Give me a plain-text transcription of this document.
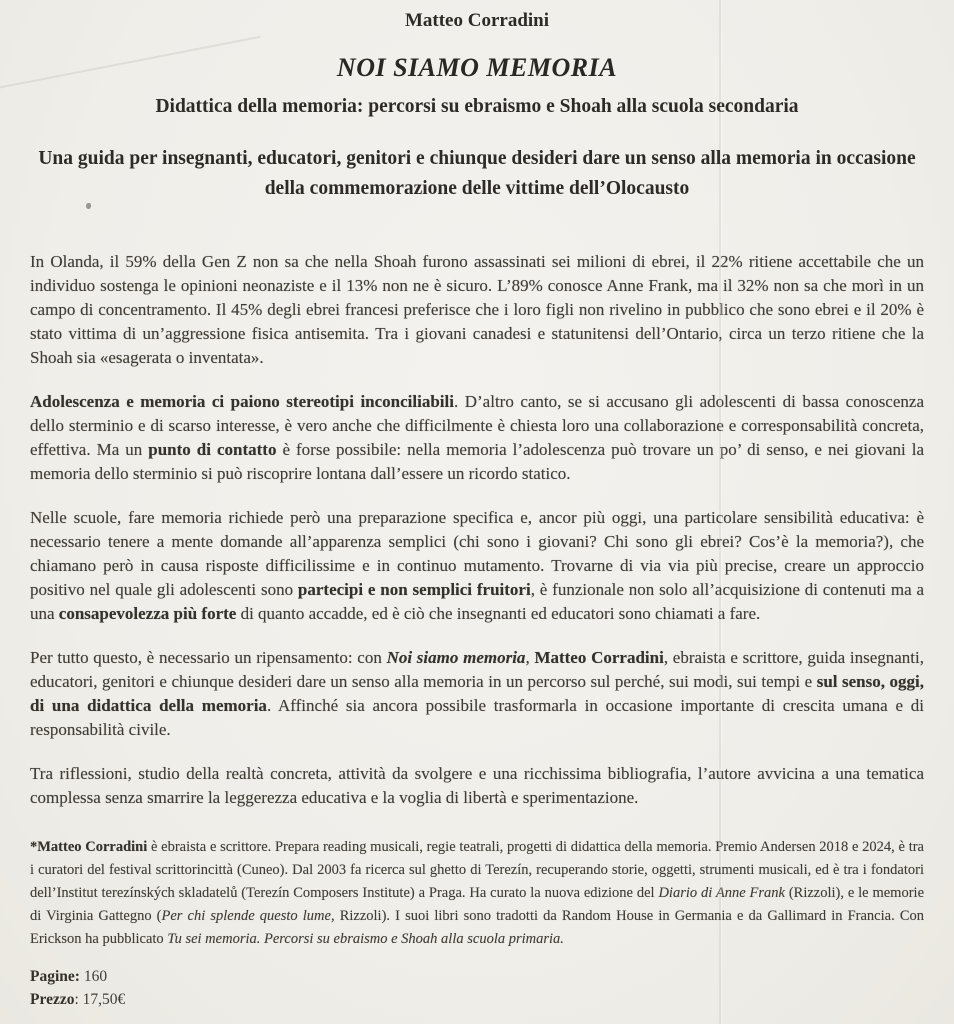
Matteo Corradini
NOI SIAMO MEMORIA
Didattica della memoria: percorsi su ebraismo e Shoah alla scuola secondaria

Una guida per insegnanti, educatori, genitori e chiunque desideri dare un senso alla memoria in occasione della commemorazione delle vittime dell’Olocausto

In Olanda, il 59% della Gen Z non sa che nella Shoah furono assassinati sei milioni di ebrei, il 22% ritiene accettabile che un individuo sostenga le opinioni neonaziste e il 13% non ne è sicuro. L’89% conosce Anne Frank, ma il 32% non sa che morì in un campo di concentramento. Il 45% degli ebrei francesi preferisce che i loro figli non rivelino in pubblico che sono ebrei e il 20% è stato vittima di un’aggressione fisica antisemita. Tra i giovani canadesi e statunitensi dell’Ontario, circa un terzo ritiene che la Shoah sia «esagerata o inventata».

Adolescenza e memoria ci paiono stereotipi inconciliabili. D’altro canto, se si accusano gli adolescenti di bassa conoscenza dello sterminio e di scarso interesse, è vero anche che difficilmente è chiesta loro una collaborazione e corresponsabilità concreta, effettiva. Ma un punto di contatto è forse possibile: nella memoria l’adolescenza può trovare un po’ di senso, e nei giovani la memoria dello sterminio si può riscoprire lontana dall’essere un ricordo statico.

Nelle scuole, fare memoria richiede però una preparazione specifica e, ancor più oggi, una particolare sensibilità educativa: è necessario tenere a mente domande all’apparenza semplici (chi sono i giovani? Chi sono gli ebrei? Cos’è la memoria?), che chiamano però in causa risposte difficilissime e in continuo mutamento. Trovarne di via via più precise, creare un approccio positivo nel quale gli adolescenti sono partecipi e non semplici fruitori, è funzionale non solo all’acquisizione di contenuti ma a una consapevolezza più forte di quanto accadde, ed è ciò che insegnanti ed educatori sono chiamati a fare.

Per tutto questo, è necessario un ripensamento: con Noi siamo memoria, Matteo Corradini, ebraista e scrittore, guida insegnanti, educatori, genitori e chiunque desideri dare un senso alla memoria in un percorso sul perché, sui modi, sui tempi e sul senso, oggi, di una didattica della memoria. Affinché sia ancora possibile trasformarla in occasione importante di crescita umana e di responsabilità civile.

Tra riflessioni, studio della realtà concreta, attività da svolgere e una ricchissima bibliografia, l’autore avvicina a una tematica complessa senza smarrire la leggerezza educativa e la voglia di libertà e sperimentazione.

*Matteo Corradini è ebraista e scrittore. Prepara reading musicali, regie teatrali, progetti di didattica della memoria. Premio Andersen 2018 e 2024, è tra i curatori del festival scrittorincittà (Cuneo). Dal 2003 fa ricerca sul ghetto di Terezín, recuperando storie, oggetti, strumenti musicali, ed è tra i fondatori dell’Institut terezínských skladatelů (Terezín Composers Institute) a Praga. Ha curato la nuova edizione del Diario di Anne Frank (Rizzoli), e le memorie di Virginia Gattegno (Per chi splende questo lume, Rizzoli). I suoi libri sono tradotti da Random House in Germania e da Gallimard in Francia. Con Erickson ha pubblicato Tu sei memoria. Percorsi su ebraismo e Shoah alla scuola primaria.

Pagine: 160
Prezzo: 17,50€
